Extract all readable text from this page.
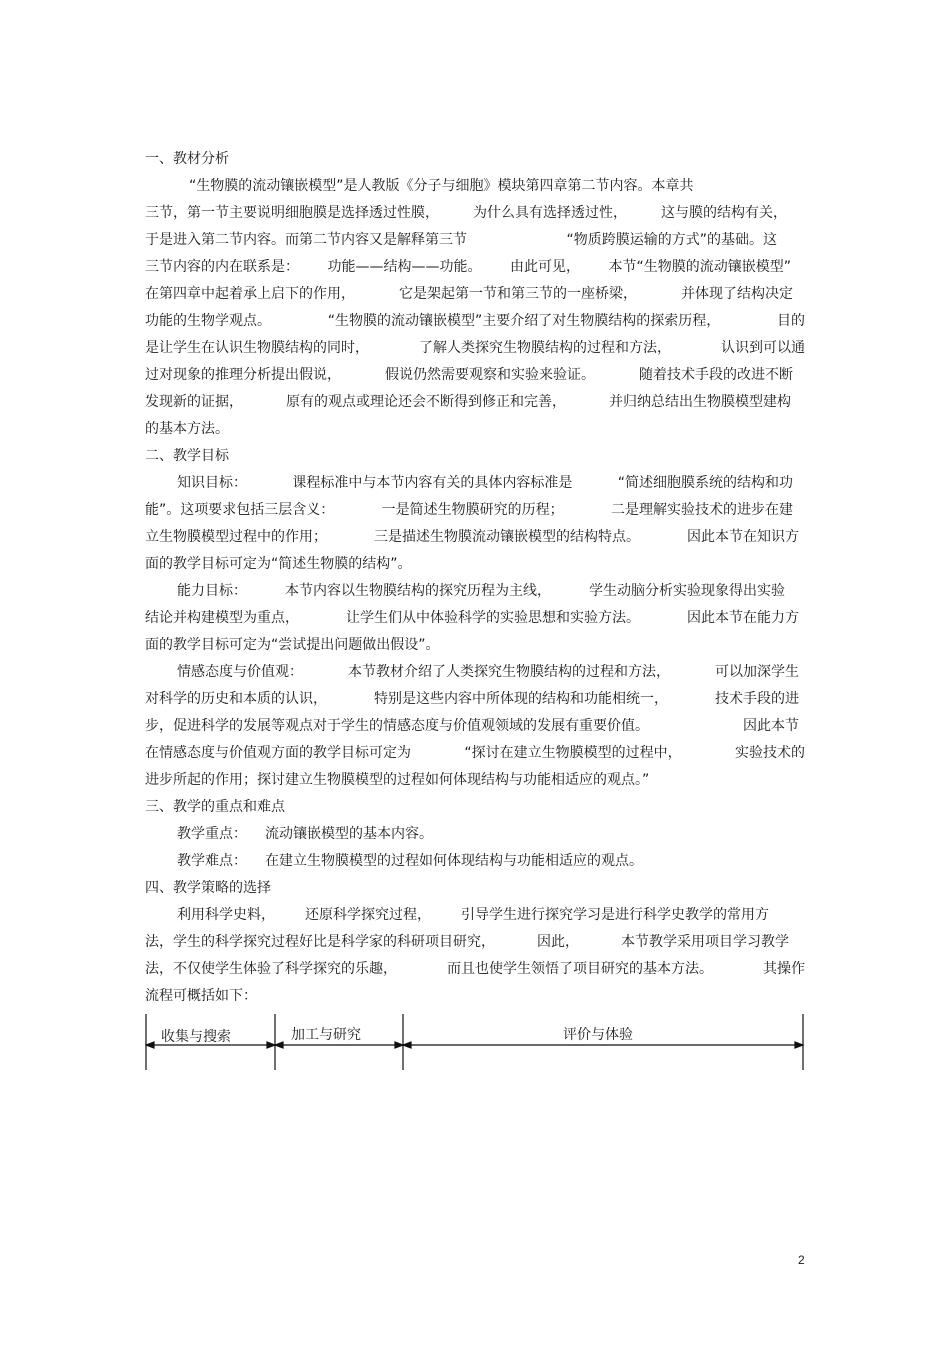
一、教材分析
“生物膜的流动镶嵌模型”是人教版《分子与细胞》模块第四章第二节内容。本章共
三节，第一节主要说明细胞膜是选择透过性膜， 为什么具有选择透过性， 这与膜的结构有关，
于是进入第二节内容。而第二节内容又是解释第三节	“物质跨膜运输的方式”的基础。这
三节内容的内在联系是： 功能——结构——功能。 由此可见， 本节“生物膜的流动镶嵌模型”
在第四章中起着承上启下的作用，	它是架起第一节和第三节的一座桥梁，	并体现了结构决定
功能的生物学观点。	“生物膜的流动镶嵌模型”主要介绍了对生物膜结构的探索历程，	目的
是让学生在认识生物膜结构的同时，	了解人类探究生物膜结构的过程和方法，	认识到可以通
过对现象的推理分析提出假说，	假说仍然需要观察和实验来验证。	随着技术手段的改进不断
发现新的证据，	原有的观点或理论还会不断得到修正和完善，	并归纳总结出生物膜模型建构
的基本方法。
二、教学目标
知识目标：	课程标准中与本节内容有关的具体内容标准是	“简述细胞膜系统的结构和功
能”。这项要求包括三层含义：	一是简述生物膜研究的历程；	二是理解实验技术的进步在建
立生物膜模型过程中的作用；	三是描述生物膜流动镶嵌模型的结构特点。	因此本节在知识方
面的教学目标可定为“简述生物膜的结构”。
能力目标：	本节内容以生物膜结构的探究历程为主线，	学生动脑分析实验现象得出实验
结论并构建模型为重点，	让学生们从中体验科学的实验思想和实验方法。	因此本节在能力方
面的教学目标可定为“尝试提出问题做出假设”。
情感态度与价值观：	本节教材介绍了人类探究生物膜结构的过程和方法，	可以加深学生
对科学的历史和本质的认识，	特别是这些内容中所体现的结构和功能相统一，	技术手段的进
步，促进科学的发展等观点对于学生的情感态度与价值观领域的发展有重要价值。	因此本节
在情感态度与价值观方面的教学目标可定为	“探讨在建立生物膜模型的过程中，	实验技术的
进步所起的作用；探讨建立生物膜模型的过程如何体现结构与功能相适应的观点。”
三、教学的重点和难点
教学重点： 流动镶嵌模型的基本内容。
教学难点： 在建立生物膜模型的过程如何体现结构与功能相适应的观点。
四、教学策略的选择
利用科学史料， 还原科学探究过程， 引导学生进行探究学习是进行科学史教学的常用方
法，学生的科学探究过程好比是科学家的科研项目研究，	因此，	本节教学采用项目学习教学
法，不仅使学生体验了科学探究的乐趣，	而且也使学生领悟了项目研究的基本方法。	其操作
流程可概括如下：
收集与搜索	加工与研究	评价与体验
2
